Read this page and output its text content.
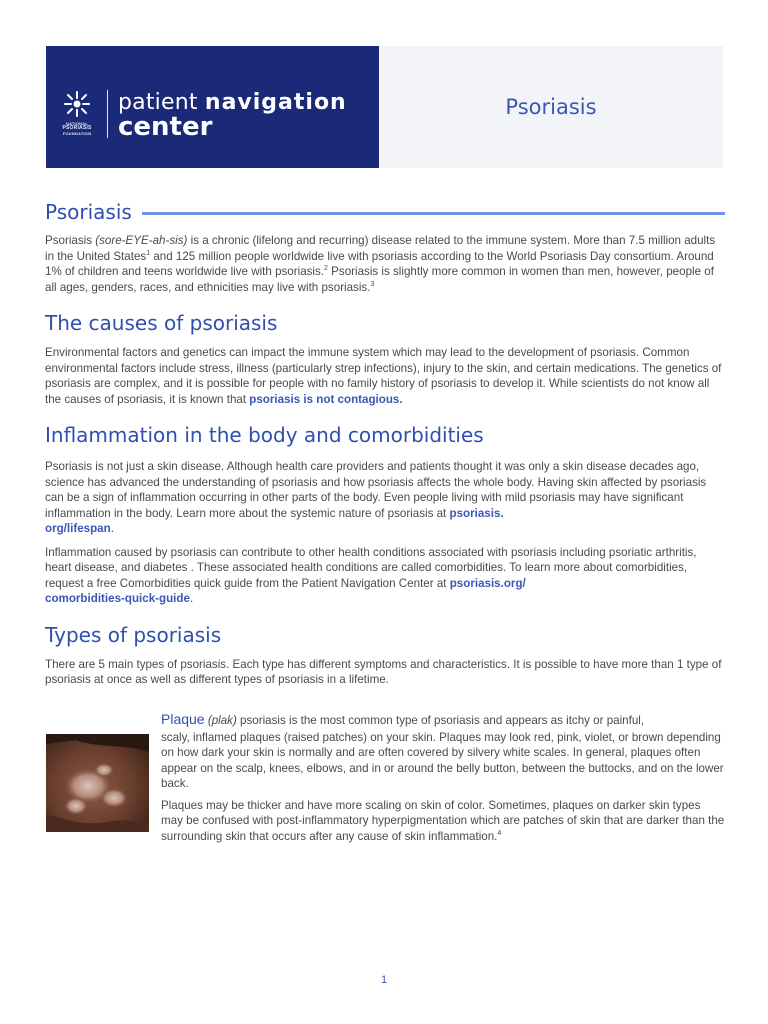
NATIONAL
PSORIASIS
FOUNDATION
patient navigation
center
Psoriasis
Psoriasis

Psoriasis (sore-EYE-ah-sis) is a chronic (lifelong and recurring) disease related to the immune system. More than 7.5 million adults in the United States$^1$ and 125 million people worldwide live with psoriasis according to the World Psoriasis Day consortium. Around 1% of children and teens worldwide live with psoriasis.$^2$ Psoriasis is slightly more common in women than men, however, people of all ages, genders, races, and ethnicities may live with psoriasis.$^3$

The causes of psoriasis

Environmental factors and genetics can impact the immune system which may lead to the development of psoriasis. Common environmental factors include stress, illness (particularly strep infections), injury to the skin, and certain medications. The genetics of psoriasis are complex, and it is possible for people with no family history of psoriasis to develop it. While scientists do not know all the causes of psoriasis, it is known that psoriasis is not contagious.

Inflammation in the body and comorbidities

Psoriasis is not just a skin disease. Although health care providers and patients thought it was only a skin disease decades ago, science has advanced the understanding of psoriasis and how psoriasis affects the whole body. Having skin affected by psoriasis can be a sign of inflammation occurring in other parts of the body. Even people living with mild psoriasis may have significant inflammation in the body. Learn more about the systemic nature of psoriasis at psoriasis.
org/lifespan.

Inflammation caused by psoriasis can contribute to other health conditions associated with psoriasis including psoriatic arthritis, heart disease, and diabetes . These associated health conditions are called comorbidities. To learn more about comorbidities, request a free Comorbidities quick guide from the Patient Navigation Center at psoriasis.org/
comorbidities-quick-guide.

Types of psoriasis

There are 5 main types of psoriasis. Each type has different symptoms and characteristics. It is possible to have more than 1 type of psoriasis at once as well as different types of psoriasis in a lifetime.

Plaque (plak) psoriasis is the most common type of psoriasis and appears as itchy or painful,

scaly, inflamed plaques (raised patches) on your skin. Plaques may look red, pink, violet, or brown depending on how dark your skin is normally and are often covered by silvery white scales. In general, plaques often appear on the scalp, knees, elbows, and in or around the belly button, between the buttocks, and on the lower back.

Plaques may be thicker and have more scaling on skin of color. Sometimes, plaques on darker skin types may be confused with post-inflammatory hyperpigmentation which are patches of skin that are darker than the surrounding skin that occurs after any cause of skin inflammation.$^4$

1
